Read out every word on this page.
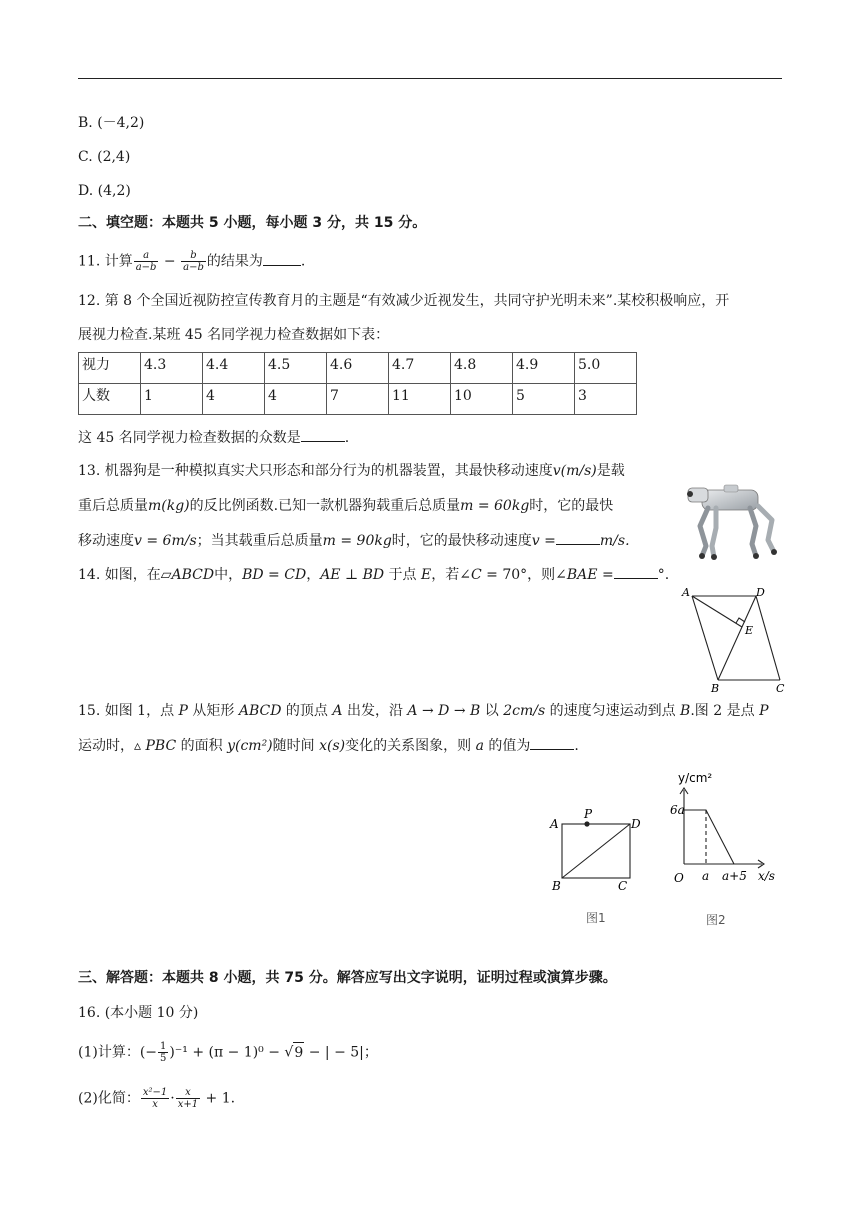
B. (－4,2)
C. (2,4)
D. (4,2)
二、填空题：本题共 5 小题，每小题 3 分，共 15 分。
11. 计算 $\frac{a}{a-b} - \frac{b}{a-b}$ 的结果为	.
12. 第 8 个全国近视防控宣传教育月的主题是“有效减少近视发生，共同守护光明未来”.某校积极响应，开
展视力检查.某班 45 名同学视力检查数据如下表：
视力	4.3	4.4	4.5	4.6	4.7	4.8	4.9	5.0
人数	1	4	4	7	11	10	5	3
这 45 名同学视力检查数据的众数是	.
13. 机器狗是一种模拟真实犬只形态和部分行为的机器装置，其最快移动速度v(m/s)是载
重后总质量m(kg)的反比例函数.已知一款机器狗载重后总质量m = 60kg时，它的最快
移动速度v = 6m/s；当其载重后总质量m = 90kg时，它的最快移动速度v =	m/s.
14. 如图，在▱ABCD中，BD = CD，AE ⊥ BD 于点 E，若∠C = 70°，则∠BAE =	°.
A	D
E
B	C
15. 如图 1，点 P 从矩形 ABCD 的顶点 A 出发，沿 A → D → B 以 2cm/s 的速度匀速运动到点 B.图 2 是点 P
运动时，▵ PBC 的面积 y(cm²)随时间 x(s)变化的关系图象，则 a 的值为	.
A
P
D
B	C
图1
y/cm²
6a
O a a+5 x/s
图2
三、解答题：本题共 8 小题，共 75 分。解答应写出文字说明，证明过程或演算步骤。
16. (本小题 10 分)
(1)计算：(− $\frac{1}{5} )^{-1} + (\pi - 1)^0 - √9$ − | − 5|；
(2)化简： $\frac{\text{x²−1}}{x} \cdot \frac{x}{x+1} + 1$.
